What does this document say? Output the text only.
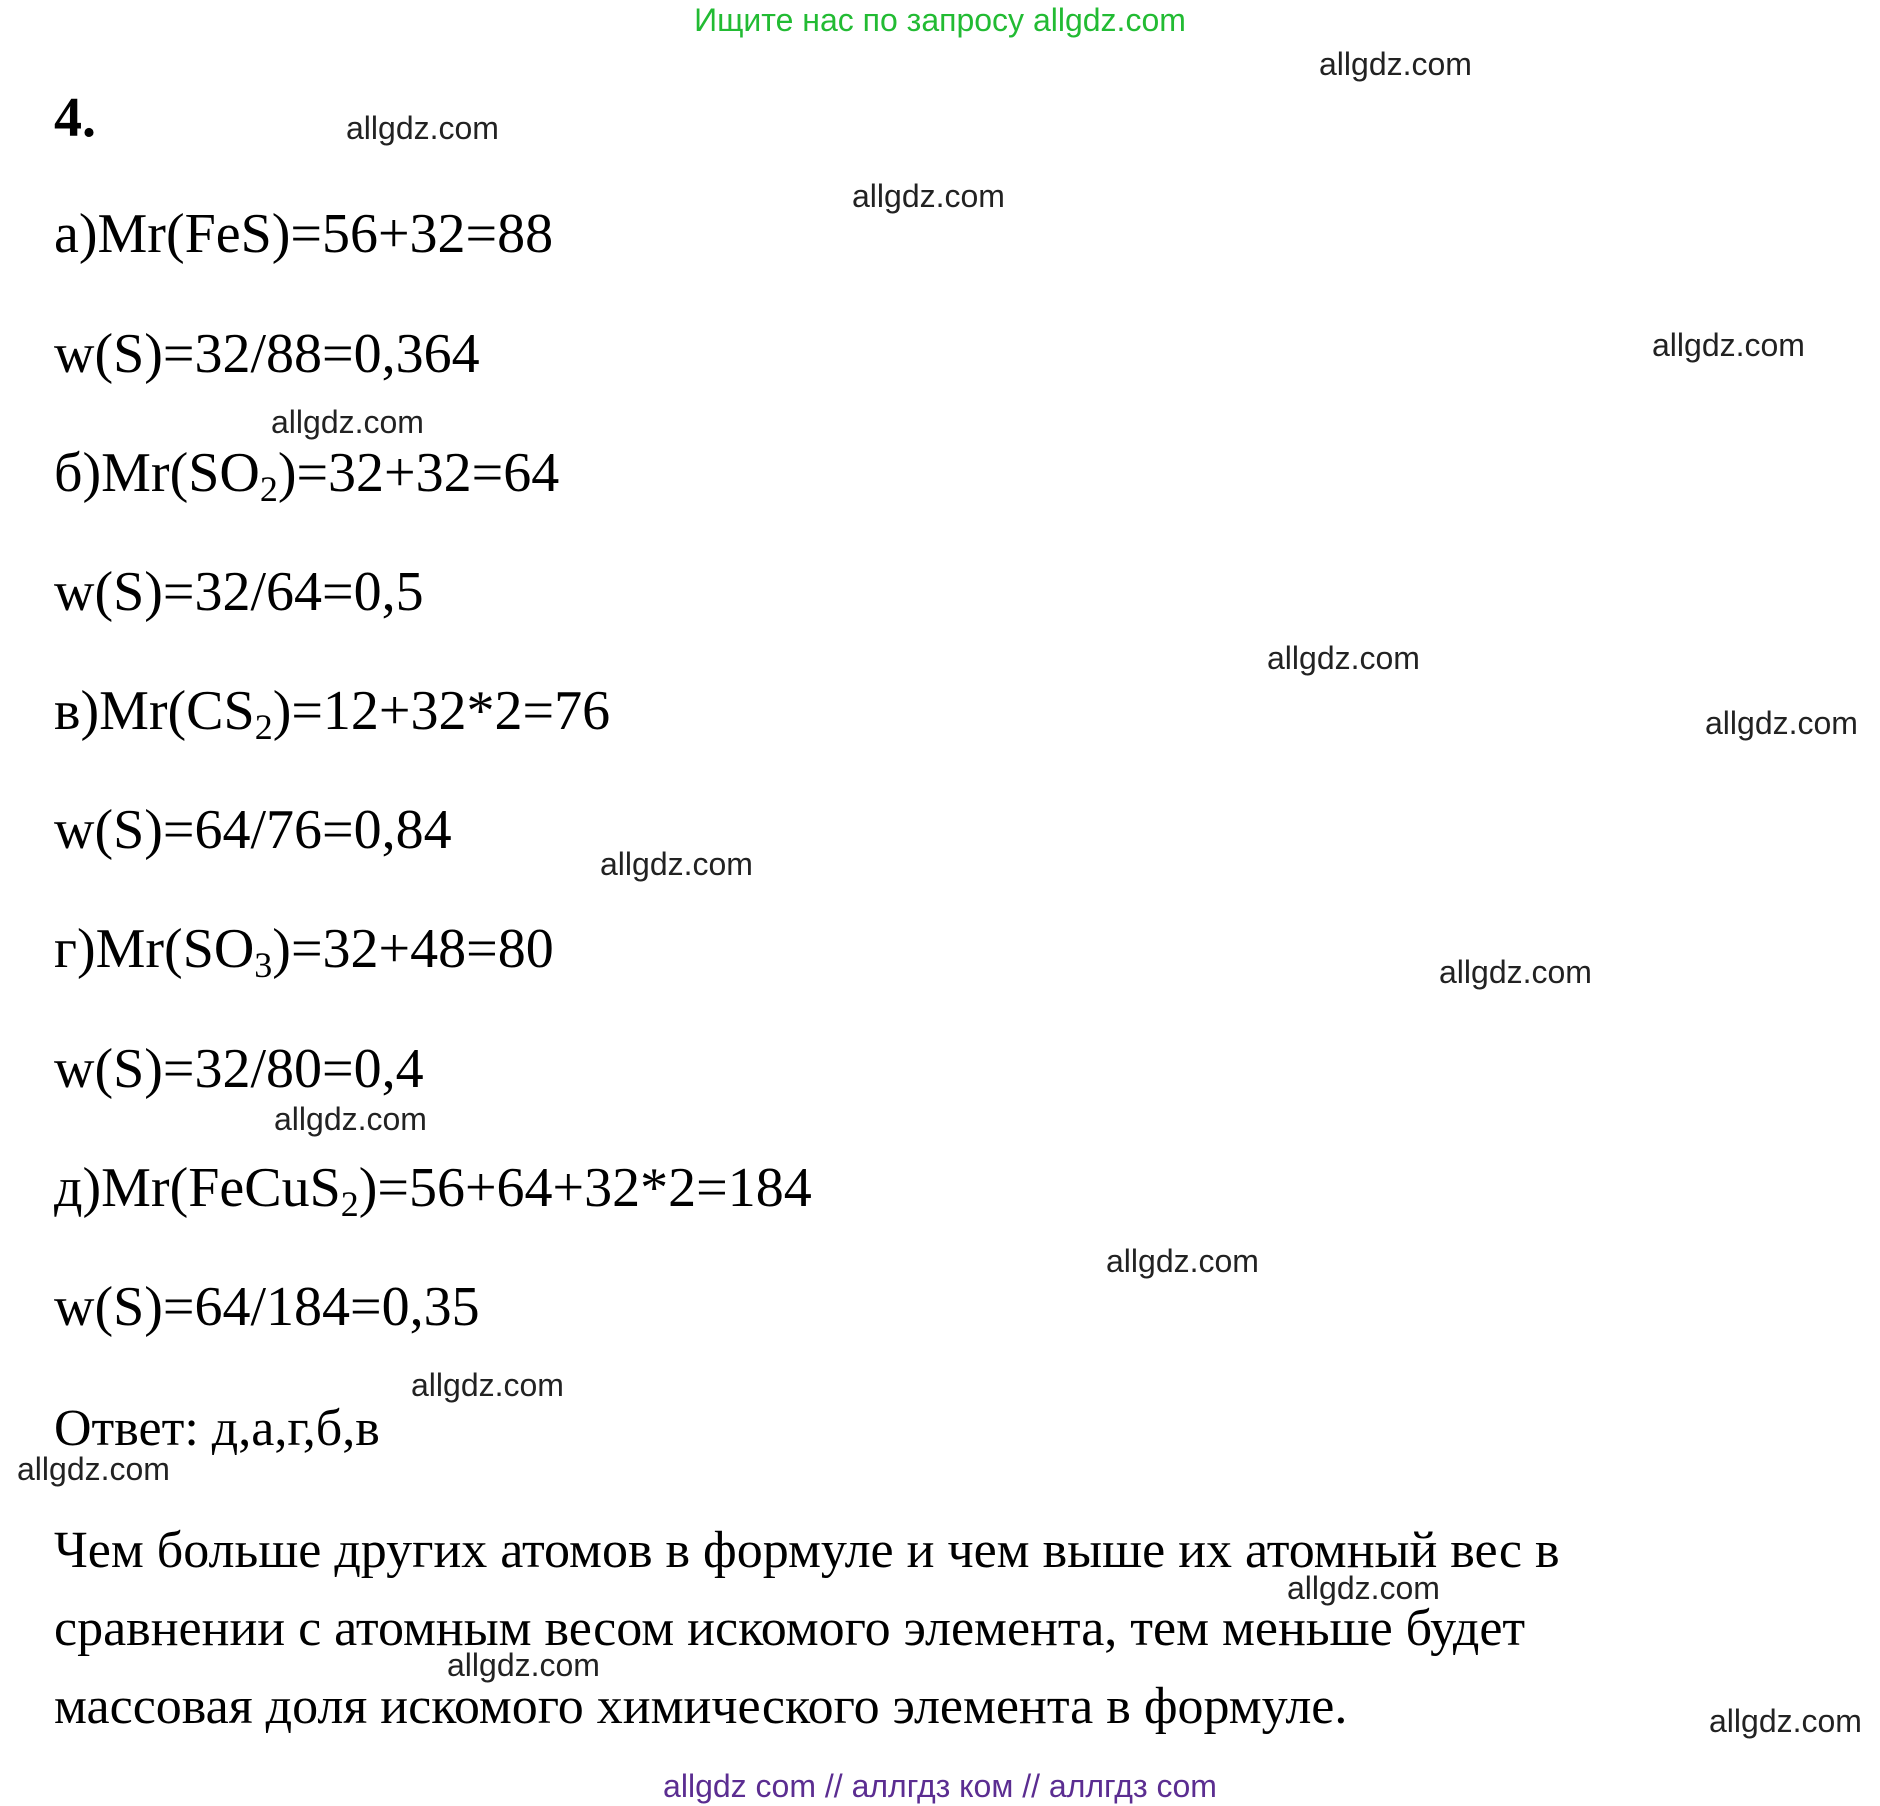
Ищите нас по запросу allgdz.com
4.
а)Mr(FeS)=56+32=88
w(S)=32/88=0,364
$б)Mr(SO_2)=32+32=64$
w(S)=32/64=0,5
$в)Mr(CS_2)=12+32*2=76$
w(S)=64/76=0,84
$г)Mr(SO_3)=32+48=80$
w(S)=32/80=0,4
д)Mr(FeCuS$_2$)=56+64+32*2=184
w(S)=64/184=0,35
Ответ: д,а,г,б,в
Чем больше других атомов в формуле и чем выше их атомный вес в
сравнении с атомным весом искомого элемента, тем меньше будет
массовая доля искомого химического элемента в формуле.
allgdz.com
allgdz.com
allgdz.com
allgdz.com
allgdz.com
allgdz.com
allgdz.com
allgdz.com
allgdz.com
allgdz.com
allgdz.com
allgdz.com
allgdz.com
allgdz.com
allgdz.com
allgdz.com
allgdz com // аллгдз ком // аллгдз com
